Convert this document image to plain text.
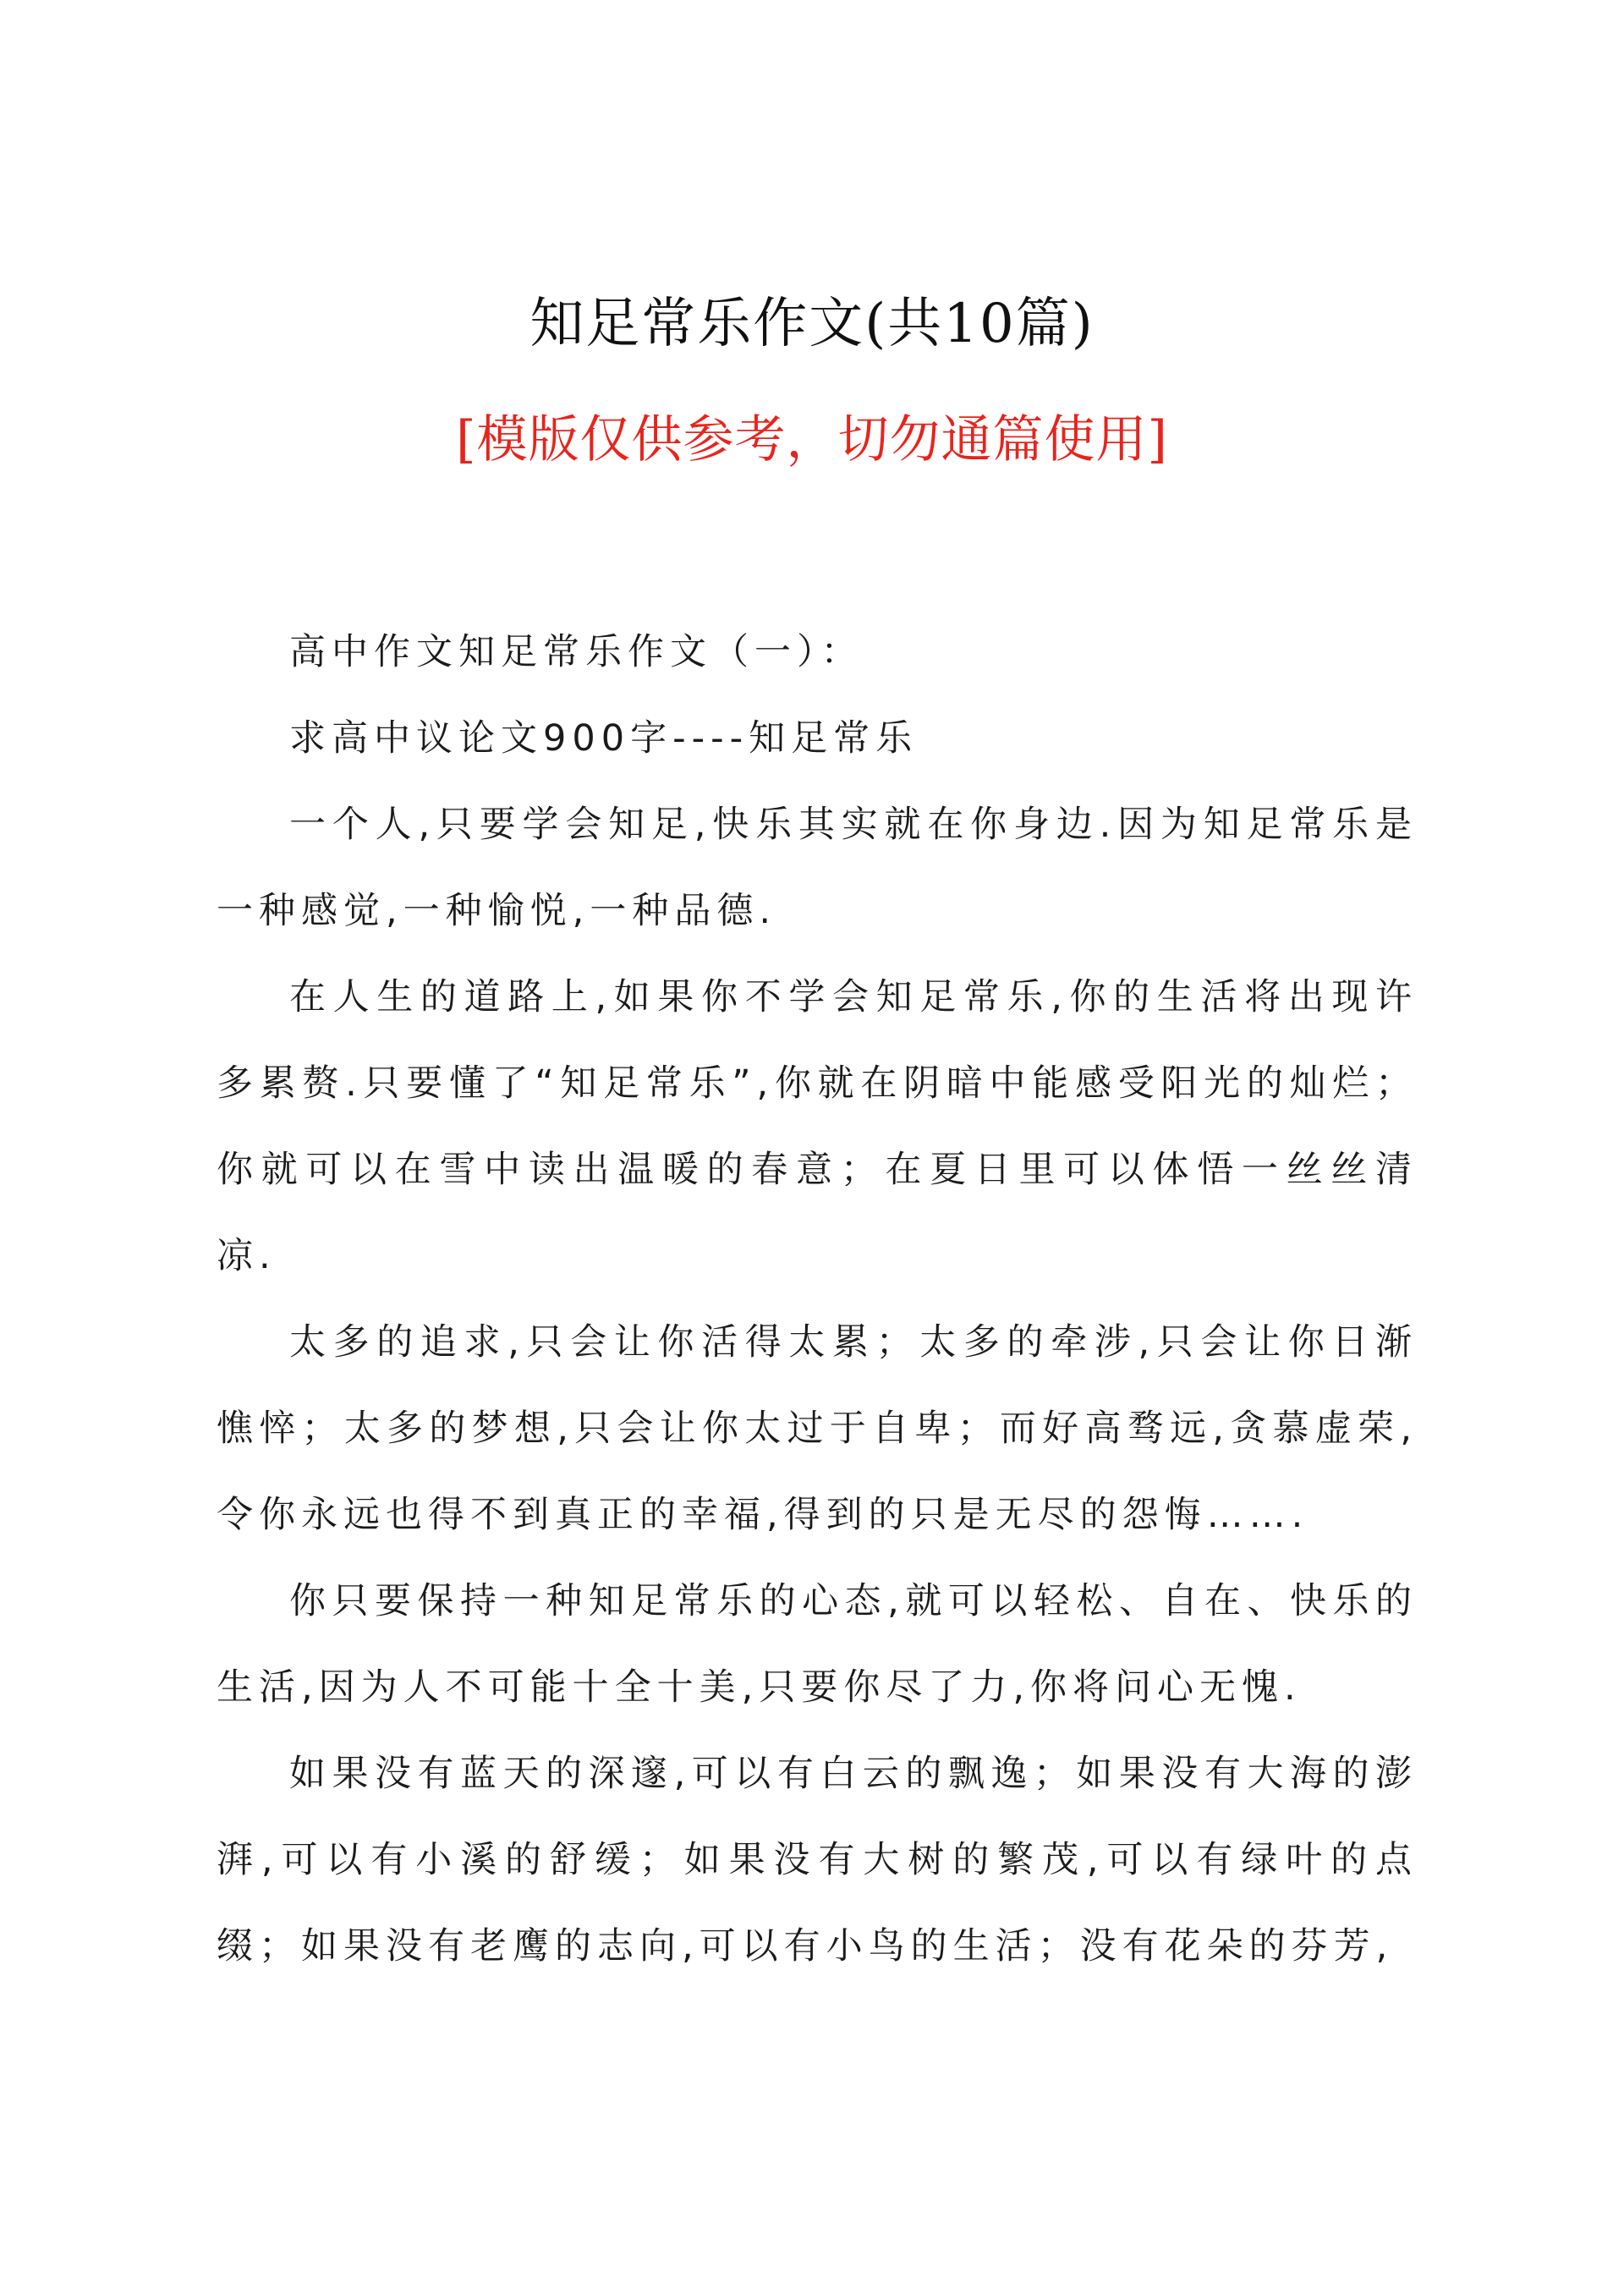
知足常乐作文(共10篇)
[模版仅供参考，切勿通篇使用]

高中作文知足常乐作文（一）：

求高中议论文900字----知足常乐

一个人,只要学会知足,快乐其实就在你身边.因为知足常乐是一种感觉,一种愉悦,一种品德.

在人生的道路上,如果你不学会知足常乐,你的生活将出现许多累赘.只要懂了“知足常乐”,你就在阴暗中能感受阳光的灿烂；你就可以在雪中读出温暖的春意；在夏日里可以体悟一丝丝清凉.

太多的追求,只会让你活得太累；太多的牵涉,只会让你日渐憔悴；太多的梦想,只会让你太过于自卑；而好高骛远,贪慕虚荣,令你永远也得不到真正的幸福,得到的只是无尽的怨悔…….

你只要保持一种知足常乐的心态,就可以轻松、自在、快乐的生活,因为人不可能十全十美,只要你尽了力,你将问心无愧.

如果没有蓝天的深邃,可以有白云的飘逸；如果没有大海的澎湃,可以有小溪的舒缓；如果没有大树的繁茂,可以有绿叶的点缀；如果没有老鹰的志向,可以有小鸟的生活；没有花朵的芬芳,
